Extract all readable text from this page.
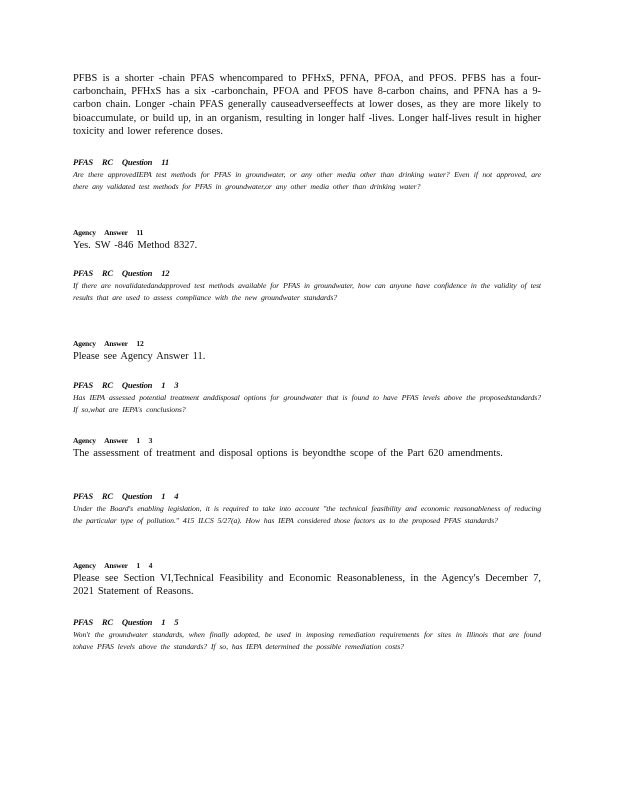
PFBS is a shorter -chain PFAS whencompared to PFHxS, PFNA, PFOA, and PFOS. PFBS has a four- carbonchain, PFHxS has a six -carbonchain, PFOA and PFOS have 8-carbon chains, and PFNA has a 9-carbon chain. Longer -chain PFAS generally causeadverseeffects at lower doses, as they are more likely to bioaccumulate, or build up, in an organism, resulting in longer half -lives. Longer half-lives result in higher toxicity and lower reference doses.

PFAS RC Question 11
Are there approvedIEPA test methods for PFAS in groundwater, or any other media other than drinking water? Even if not approved, are there any validated test methods for PFAS in groundwater,or any other media other than drinking water?
Agency Answer 11
Yes. SW -846 Method 8327.
PFAS RC Question 12
If there are novalidatedandapproved test methods available for PFAS in groundwater, how can anyone have confidence in the validity of test results that are used to assess compliance with the new groundwater standards?
Agency Answer 12
Please see Agency Answer 11.
PFAS RC Question 1 3
Has IEPA assessed potential treatment anddisposal options for groundwater that is found to have PFAS levels above the proposedstandards? If so,what are IEPA's conclusions?
Agency Answer 1 3
The assessment of treatment and disposal options is beyondthe scope of the Part 620 amendments.
PFAS RC Question 1 4
Under the Board's enabling legislation, it is required to take into account "the technical feasibility and economic reasonableness of reducing the particular type of pollution." 415 ILCS 5/27(a). How has IEPA considered those factors as to the proposed PFAS standards?
Agency Answer 1 4
Please see Section VI,Technical Feasibility and Economic Reasonableness, in the Agency's December 7, 2021 Statement of Reasons.
PFAS RC Question 1 5
Won't the groundwater standards, when finally adopted, be used in imposing remediation requirements for sites in Illinois that are found tohave PFAS levels above the standards? If so, has IEPA determined the possible remediation costs?
